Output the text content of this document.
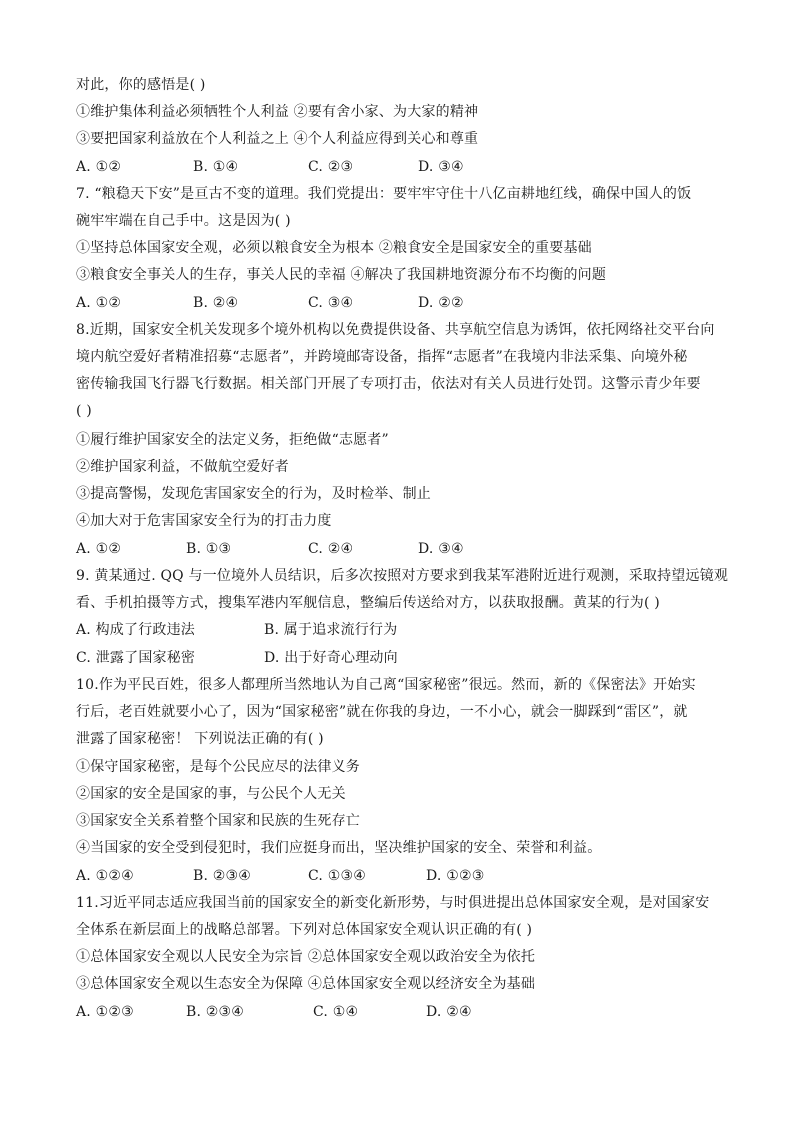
对此，你的感悟是( )
①维护集体利益必须牺牲个人利益 ②要有舍小家、为大家的精神
③要把国家利益放在个人利益之上 ④个人利益应得到关心和尊重
A. ①②	B. ①④	C. ②③	D. ③④
7. “粮稳天下安”是亘古不变的道理。我们党提出：要牢牢守住十八亿亩耕地红线，确保中国人的饭
碗牢牢端在自己手中。这是因为( )
①坚持总体国家安全观，必须以粮食安全为根本 ②粮食安全是国家安全的重要基础
③粮食安全事关人的生存，事关人民的幸福 ④解决了我国耕地资源分布不均衡的问题
A. ①②	B. ②④	C. ③④	D. ②②
8.近期，国家安全机关发现多个境外机构以免费提供设备、共享航空信息为诱饵，依托网络社交平台向
境内航空爱好者精准招募“志愿者”，并跨境邮寄设备，指挥“志愿者”在我境内非法采集、向境外秘
密传输我国飞行器飞行数据。相关部门开展了专项打击，依法对有关人员进行处罚。这警示青少年要
( )
①履行维护国家安全的法定义务，拒绝做“志愿者”
②维护国家利益，不做航空爱好者
③提高警惕，发现危害国家安全的行为，及时检举、制止
④加大对于危害国家安全行为的打击力度
A. ①②	B. ①③	C. ②④	D. ③④
9. 黄某通过. QQ 与一位境外人员结识，后多次按照对方要求到我某军港附近进行观测，采取持望远镜观
看、手机拍摄等方式，搜集军港内军舰信息，整编后传送给对方，以获取报酬。黄某的行为( )
A. 构成了行政违法	B. 属于追求流行行为
C. 泄露了国家秘密	D. 出于好奇心理动向
10.作为平民百姓，很多人都理所当然地认为自己离“国家秘密”很远。然而，新的《保密法》开始实
行后，老百姓就要小心了，因为“国家秘密”就在你我的身边，一不小心，就会一脚踩到“雷区”，就
泄露了国家秘密！ 下列说法正确的有( )
①保守国家秘密，是每个公民应尽的法律义务
②国家的安全是国家的事，与公民个人无关
③国家安全关系着整个国家和民族的生死存亡
④当国家的安全受到侵犯时，我们应挺身而出，坚决维护国家的安全、荣誉和利益。
A. ①②④	B. ②③④	C. ①③④	D. ①②③
11.习近平同志适应我国当前的国家安全的新变化新形势，与时俱进提出总体国家安全观，是对国家安
全体系在新层面上的战略总部署。下列对总体国家安全观认识正确的有( )
①总体国家安全观以人民安全为宗旨 ②总体国家安全观以政治安全为依托
③总体国家安全观以生态安全为保障 ④总体国家安全观以经济安全为基础
A. ①②③	B. ②③④	C. ①④	D. ②④
